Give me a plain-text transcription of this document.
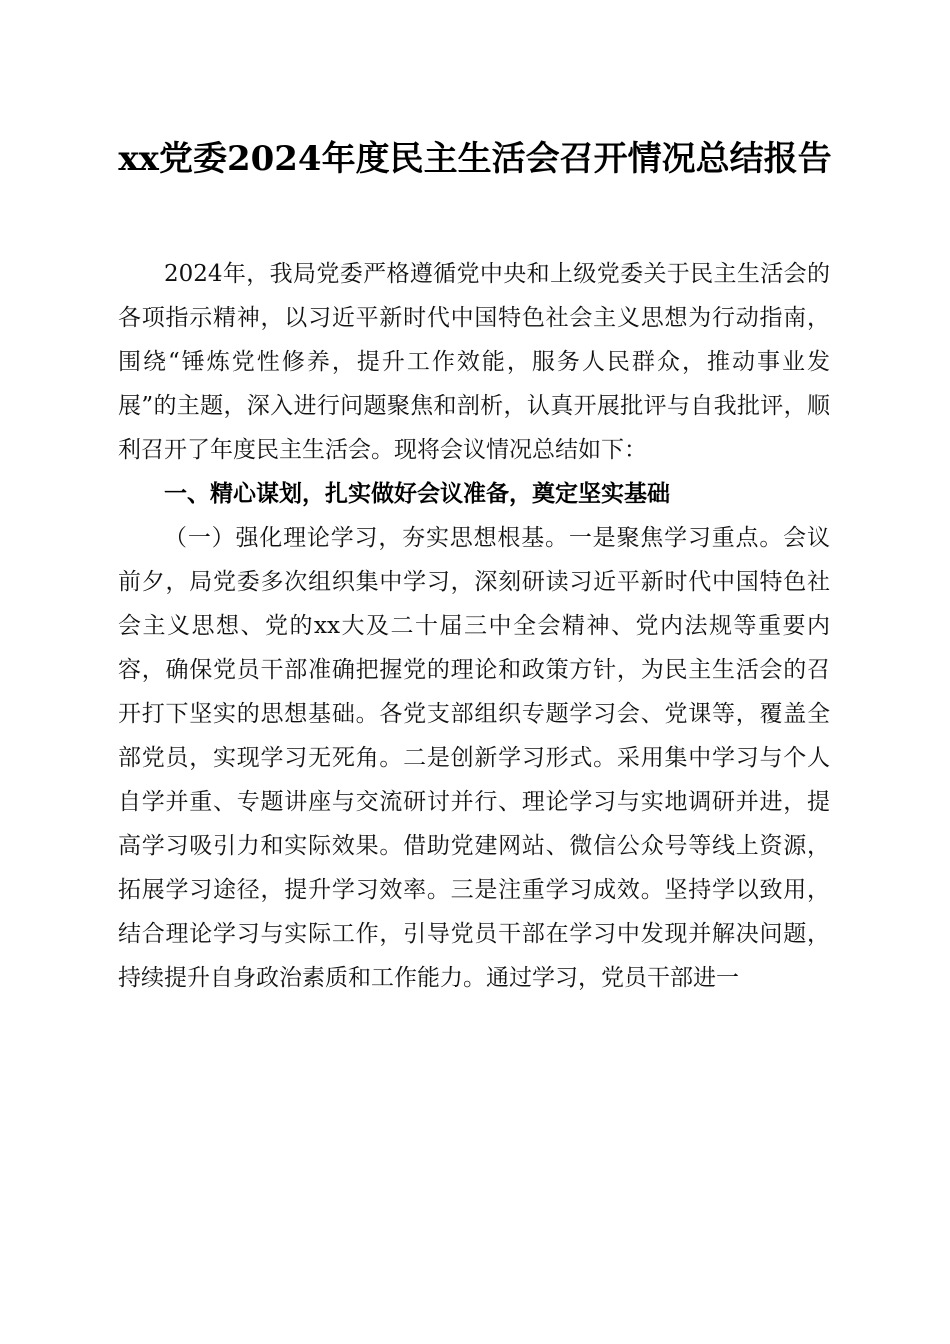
xx党委2024年度民主生活会召开情况总结报告

2024年，我局党委严格遵循党中央和上级党委关于民主生活会的各项指示精神，以习近平新时代中国特色社会主义思想为行动指南，围绕“锤炼党性修养，提升工作效能，服务人民群众，推动事业发展”的主题，深入进行问题聚焦和剖析，认真开展批评与自我批评，顺利召开了年度民主生活会。现将会议情况总结如下：

一、精心谋划，扎实做好会议准备，奠定坚实基础

（一）强化理论学习，夯实思想根基。一是聚焦学习重点。会议前夕，局党委多次组织集中学习，深刻研读习近平新时代中国特色社会主义思想、党的xx大及二十届三中全会精神、党内法规等重要内容，确保党员干部准确把握党的理论和政策方针，为民主生活会的召开打下坚实的思想基础。各党支部组织专题学习会、党课等，覆盖全部党员，实现学习无死角。二是创新学习形式。采用集中学习与个人自学并重、专题讲座与交流研讨并行、理论学习与实地调研并进，提高学习吸引力和实际效果。借助党建网站、微信公众号等线上资源，拓展学习途径，提升学习效率。三是注重学习成效。坚持学以致用，结合理论学习与实际工作，引导党员干部在学习中发现并解决问题，持续提升自身政治素质和工作能力。通过学习，党员干部进一
